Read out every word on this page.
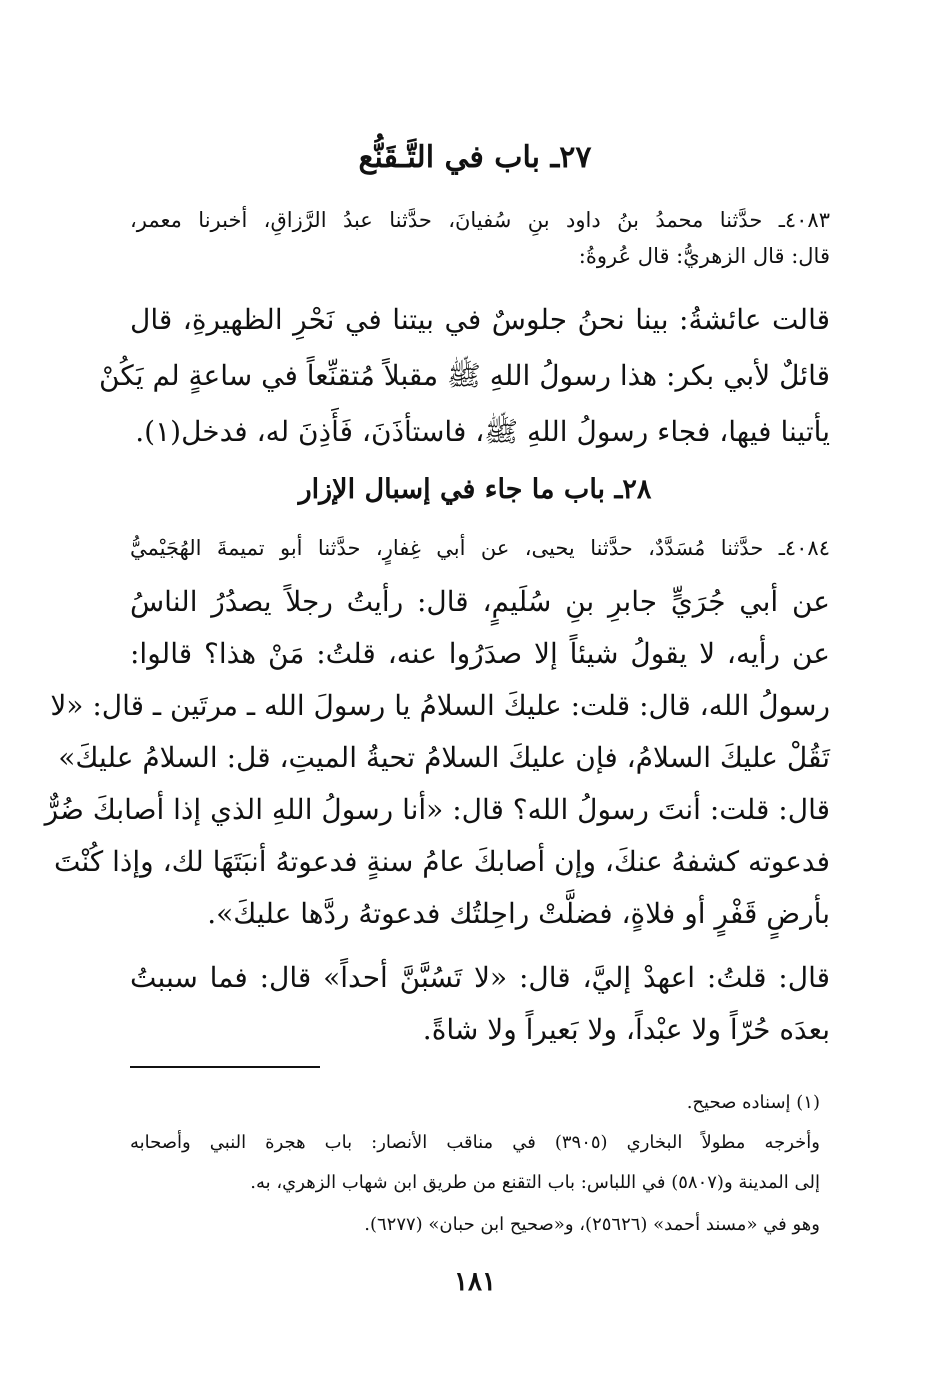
٢٧ـ باب في التَّـقَنُّع
٤٠٨٣ـ حدَّثنا محمدُ بنُ داود بنِ سُفيانَ، حدَّثنا عبدُ الرَّزاقِ، أخبرنا معمر،
قال: قال الزهريُّ: قال عُروةُ:
قالت عائشةُ: بينا نحنُ جلوسٌ في بيتنا في نَحْرِ الظهيرةِ، قال
قائلٌ لأبي بكر: هذا رسولُ اللهِ ﷺ مقبلاً مُتقنِّعاً في ساعةٍ لم يَكُنْ
يأتينا فيها، فجاء رسولُ اللهِ ﷺ، فاستأذَنَ، فَأَذِنَ له، فدخل(١).
٢٨ـ باب ما جاء في إسبال الإزار
٤٠٨٤ـ حدَّثنا مُسَدَّدٌ، حدَّثنا يحيى، عن أبي غِفارٍ، حدَّثنا أبو تميمةَ الهُجَيْميُّ
عن أبي جُرَيٍّ جابرِ بنِ سُلَيمٍ، قال: رأيتُ رجلاً يصدُرُ الناسُ
عن رأيه، لا يقولُ شيئاً إلا صدَرُوا عنه، قلتُ: مَنْ هذا؟ قالوا:
رسولُ الله، قال: قلت: عليكَ السلامُ يا رسولَ الله ـ مرتَين ـ قال: «لا
تَقُلْ عليكَ السلامُ، فإن عليكَ السلامُ تحيةُ الميتِ، قل: السلامُ عليكَ»
قال: قلت: أنتَ رسولُ الله؟ قال: «أنا رسولُ اللهِ الذي إذا أصابكَ ضُرٌّ
فدعوته كشفهُ عنكَ، وإن أصابكَ عامُ سنةٍ فدعوتهُ أنبَتَهَا لك، وإذا كُنْتَ
بأرضٍ قَفْرٍ أو فلاةٍ، فضلَّتْ راحِلتُك فدعوتهُ ردَّها عليكَ».
قال: قلتُ: اعهدْ إليَّ، قال: «لا تَسُبَّنَّ أحداً» قال: فما سببتُ
بعدَه حُرّاً ولا عبْداً، ولا بَعيراً ولا شاةً.
(١) إسناده صحيح.
وأخرجه مطولاً البخاري (٣٩٠٥) في مناقب الأنصار: باب هجرة النبي وأصحابه
إلى المدينة و(٥٨٠٧) في اللباس: باب التقنع من طريق ابن شهاب الزهري، به.
وهو في «مسند أحمد» (٢٥٦٢٦)، و«صحيح ابن حبان» (٦٢٧٧).
١٨١
